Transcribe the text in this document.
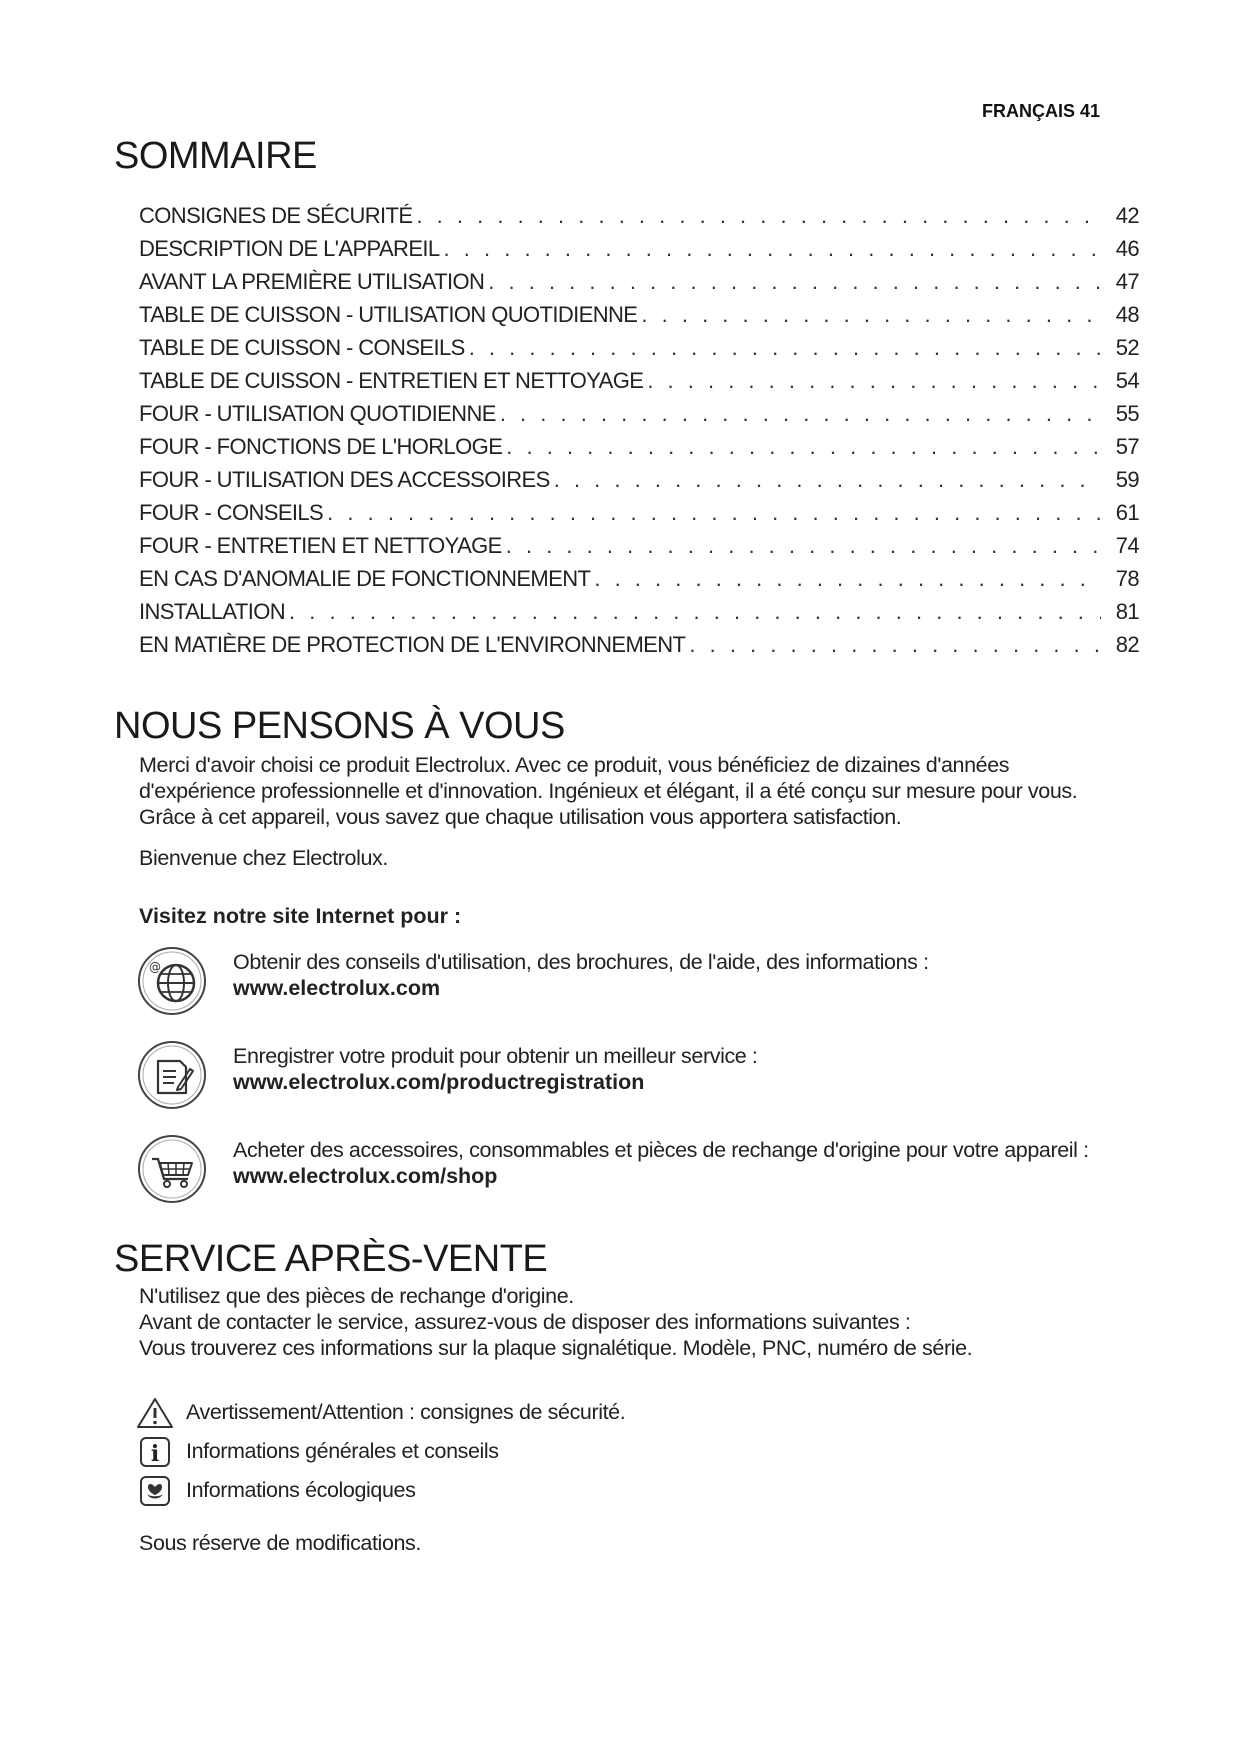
FRANÇAIS 41
SOMMAIRE
CONSIGNES DE SÉCURITÉ . . .	42
DESCRIPTION DE L'APPAREIL . . .	46
AVANT LA PREMIÈRE UTILISATION . . .	47
TABLE DE CUISSON - UTILISATION QUOTIDIENNE . . .	48
TABLE DE CUISSON - CONSEILS . . .	52
TABLE DE CUISSON - ENTRETIEN ET NETTOYAGE . . .	54
FOUR - UTILISATION QUOTIDIENNE . . .	55
FOUR - FONCTIONS DE L'HORLOGE . . .	57
FOUR - UTILISATION DES ACCESSOIRES . . .	59
FOUR - CONSEILS . . .	61
FOUR - ENTRETIEN ET NETTOYAGE . . .	74
EN CAS D'ANOMALIE DE FONCTIONNEMENT . . .	78
INSTALLATION . . .	81
EN MATIÈRE DE PROTECTION DE L'ENVIRONNEMENT . . .	82
NOUS PENSONS À VOUS
Merci d'avoir choisi ce produit Electrolux. Avec ce produit, vous bénéficiez de dizaines d'années d'expérience professionnelle et d'innovation. Ingénieux et élégant, il a été conçu sur mesure pour vous. Grâce à cet appareil, vous savez que chaque utilisation vous apportera satisfaction.
Bienvenue chez Electrolux.
Visitez notre site Internet pour :
@	Obtenir des conseils d'utilisation, des brochures, de l'aide, des informations :
www.electrolux.com
Enregistrer votre produit pour obtenir un meilleur service :
www.electrolux.com/productregistration
Acheter des accessoires, consommables et pièces de rechange d'origine pour votre appareil :
www.electrolux.com/shop
SERVICE APRÈS-VENTE
N'utilisez que des pièces de rechange d'origine.
Avant de contacter le service, assurez-vous de disposer des informations suivantes :
Vous trouverez ces informations sur la plaque signalétique. Modèle, PNC, numéro de série.
Avertissement/Attention : consignes de sécurité.
i Informations générales et conseils
Informations écologiques
Sous réserve de modifications.
